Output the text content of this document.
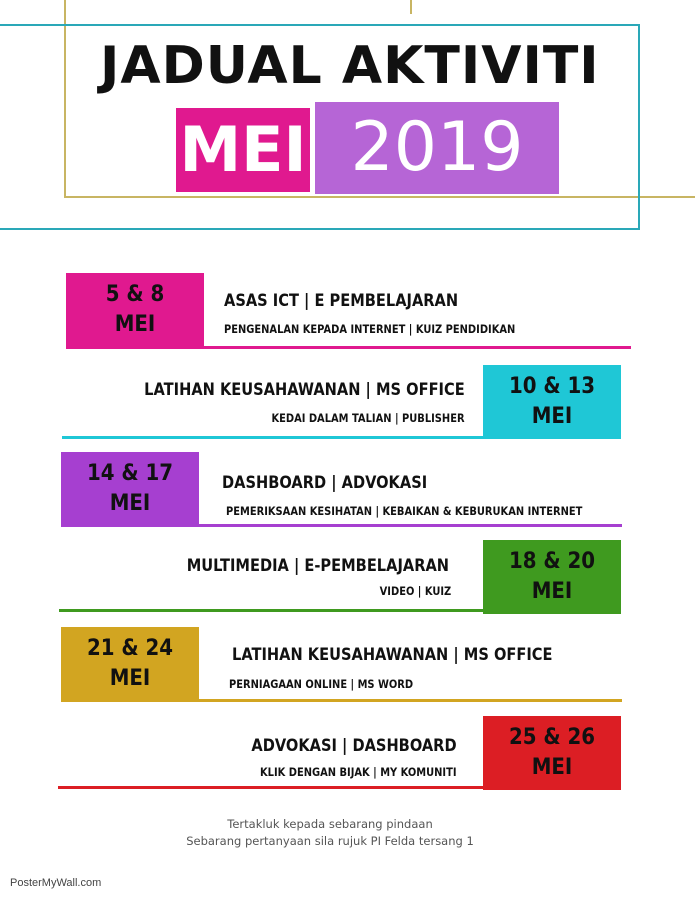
JADUAL AKTIVITI
MEI 2019
5 & 8
MEI
ASAS ICT | E PEMBELAJARAN
PENGENALAN KEPADA INTERNET | KUIZ PENDIDIKAN
10 & 13
MEI
LATIHAN KEUSAHAWANAN | MS OFFICE
KEDAI DALAM TALIAN | PUBLISHER
14 & 17
MEI
DASHBOARD | ADVOKASI
PEMERIKSAAN KESIHATAN | KEBAIKAN & KEBURUKAN INTERNET
18 & 20
MEI
MULTIMEDIA | E-PEMBELAJARAN
VIDEO | KUIZ
21 & 24
MEI
LATIHAN KEUSAHAWANAN | MS OFFICE
PERNIAGAAN ONLINE | MS WORD
25 & 26
MEI
ADVOKASI | DASHBOARD
KLIK DENGAN BIJAK | MY KOMUNITI
Tertakluk kepada sebarang pindaan
Sebarang pertanyaan sila rujuk PI Felda tersang 1
PosterMyWall.com
